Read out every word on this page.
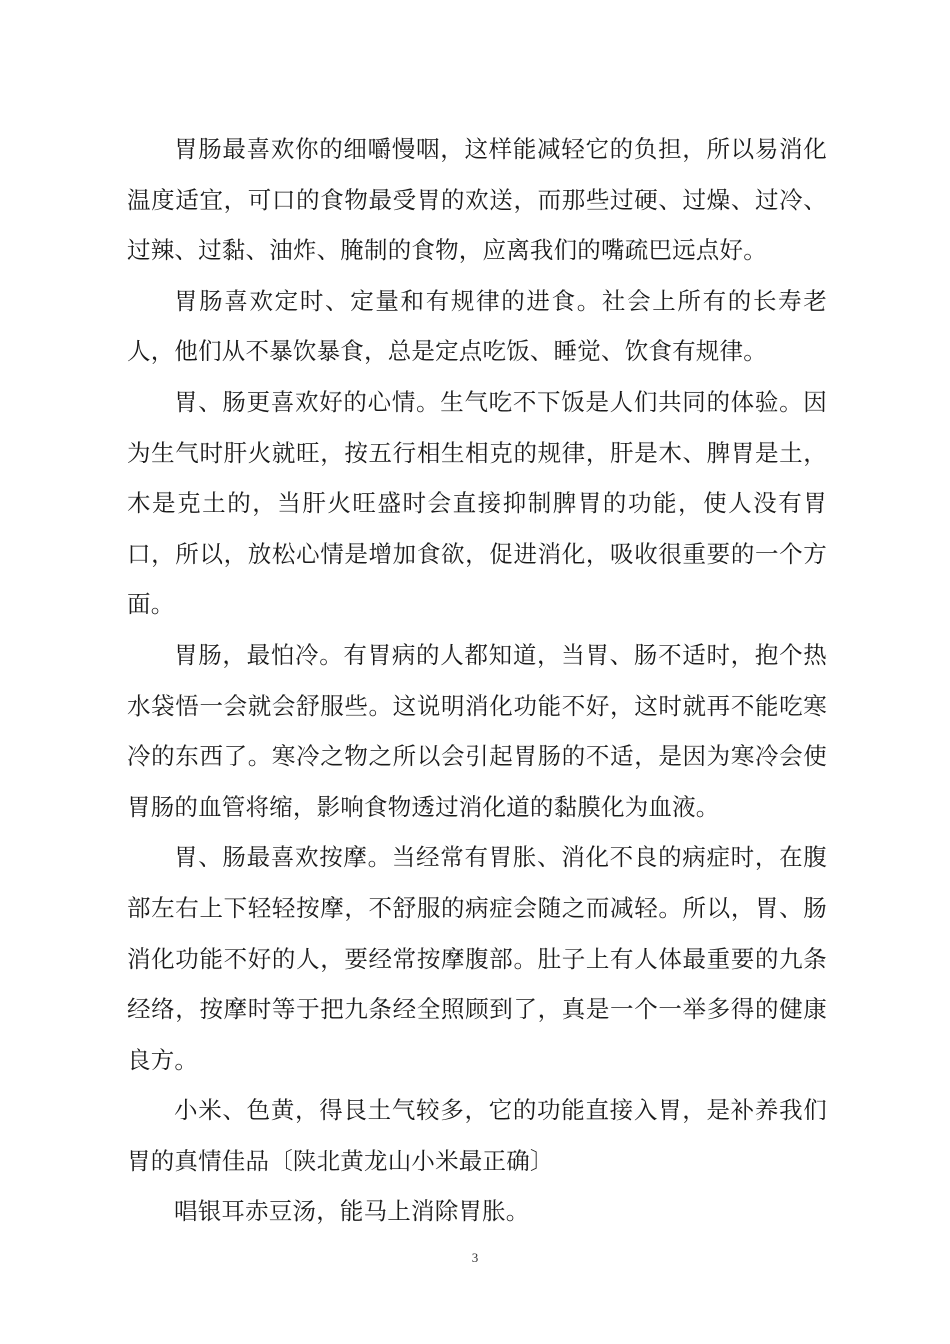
胃肠最喜欢你的细嚼慢咽，这样能减轻它的负担，所以易消化温度适宜，可口的食物最受胃的欢送，而那些过硬、过燥、过冷、过辣、过黏、油炸、腌制的食物，应离我们的嘴疏巴远点好。

胃肠喜欢定时、定量和有规律的进食。社会上所有的长寿老人，他们从不暴饮暴食，总是定点吃饭、睡觉、饮食有规律。

胃、肠更喜欢好的心情。生气吃不下饭是人们共同的体验。因为生气时肝火就旺，按五行相生相克的规律，肝是木、脾胃是土，木是克土的，当肝火旺盛时会直接抑制脾胃的功能，使人没有胃口，所以，放松心情是增加食欲，促进消化，吸收很重要的一个方面。

胃肠，最怕冷。有胃病的人都知道，当胃、肠不适时，抱个热水袋悟一会就会舒服些。这说明消化功能不好，这时就再不能吃寒冷的东西了。寒冷之物之所以会引起胃肠的不适，是因为寒冷会使胃肠的血管将缩，影响食物透过消化道的黏膜化为血液。

胃、肠最喜欢按摩。当经常有胃胀、消化不良的病症时，在腹部左右上下轻轻按摩，不舒服的病症会随之而减轻。所以，胃、肠消化功能不好的人，要经常按摩腹部。肚子上有人体最重要的九条经络，按摩时等于把九条经全照顾到了，真是一个一举多得的健康良方。

小米、色黄，得艮土气较多，它的功能直接入胃，是补养我们胃的真情佳品〔陕北黄龙山小米最正确〕

唱银耳赤豆汤，能马上消除胃胀。

3
